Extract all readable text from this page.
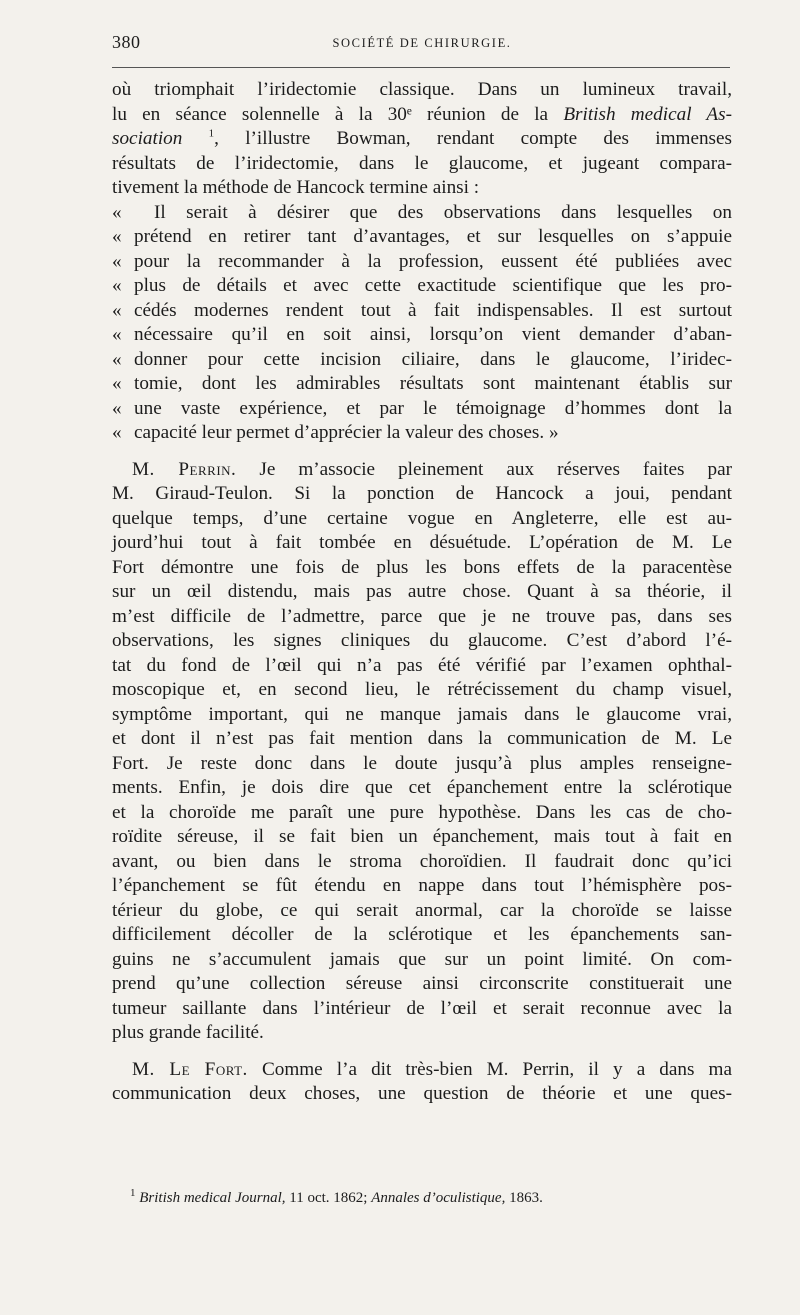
380	SOCIÉTÉ DE CHIRURGIE.
où triomphait l’iridectomie classique. Dans un lumineux travail,
lu en séance solennelle à la 30ᵉ réunion de la British medical As-
sociation $^1$, l’illustre Bowman, rendant compte des immenses
résultats de l’iridectomie, dans le glaucome, et jugeant compara-
tivement la méthode de Hancock termine ainsi :
« Il serait à désirer que des observations dans lesquelles on
« prétend en retirer tant d’avantages, et sur lesquelles on s’appuie
« pour la recommander à la profession, eussent été publiées avec
« plus de détails et avec cette exactitude scientifique que les pro-
« cédés modernes rendent tout à fait indispensables. Il est surtout
« nécessaire qu’il en soit ainsi, lorsqu’on vient demander d’aban-
« donner pour cette incision ciliaire, dans le glaucome, l’iridec-
« tomie, dont les admirables résultats sont maintenant établis sur
« une vaste expérience, et par le témoignage d’hommes dont la
« capacité leur permet d’apprécier la valeur des choses. »
M. Perrin. Je m’associe pleinement aux réserves faites par
M. Giraud-Teulon. Si la ponction de Hancock a joui, pendant
quelque temps, d’une certaine vogue en Angleterre, elle est au-
jourd’hui tout à fait tombée en désuétude. L’opération de M. Le
Fort démontre une fois de plus les bons effets de la paracentèse
sur un œil distendu, mais pas autre chose. Quant à sa théorie, il
m’est difficile de l’admettre, parce que je ne trouve pas, dans ses
observations, les signes cliniques du glaucome. C’est d’abord l’é-
tat du fond de l’œil qui n’a pas été vérifié par l’examen ophthal-
moscopique et, en second lieu, le rétrécissement du champ visuel,
symptôme important, qui ne manque jamais dans le glaucome vrai,
et dont il n’est pas fait mention dans la communication de M. Le
Fort. Je reste donc dans le doute jusqu’à plus amples renseigne-
ments. Enfin, je dois dire que cet épanchement entre la sclérotique
et la choroïde me paraît une pure hypothèse. Dans les cas de cho-
roïdite séreuse, il se fait bien un épanchement, mais tout à fait en
avant, ou bien dans le stroma choroïdien. Il faudrait donc qu’ici
l’épanchement se fût étendu en nappe dans tout l’hémisphère pos-
térieur du globe, ce qui serait anormal, car la choroïde se laisse
difficilement décoller de la sclérotique et les épanchements san-
guins ne s’accumulent jamais que sur un point limité. On com-
prend qu’une collection séreuse ainsi circonscrite constituerait une
tumeur saillante dans l’intérieur de l’œil et serait reconnue avec la
plus grande facilité.
M. Le Fort. Comme l’a dit très-bien M. Perrin, il y a dans ma
communication deux choses, une question de théorie et une ques-
$^1$ British medical Journal, 11 oct. 1862; Annales d’oculistique, 1863.
